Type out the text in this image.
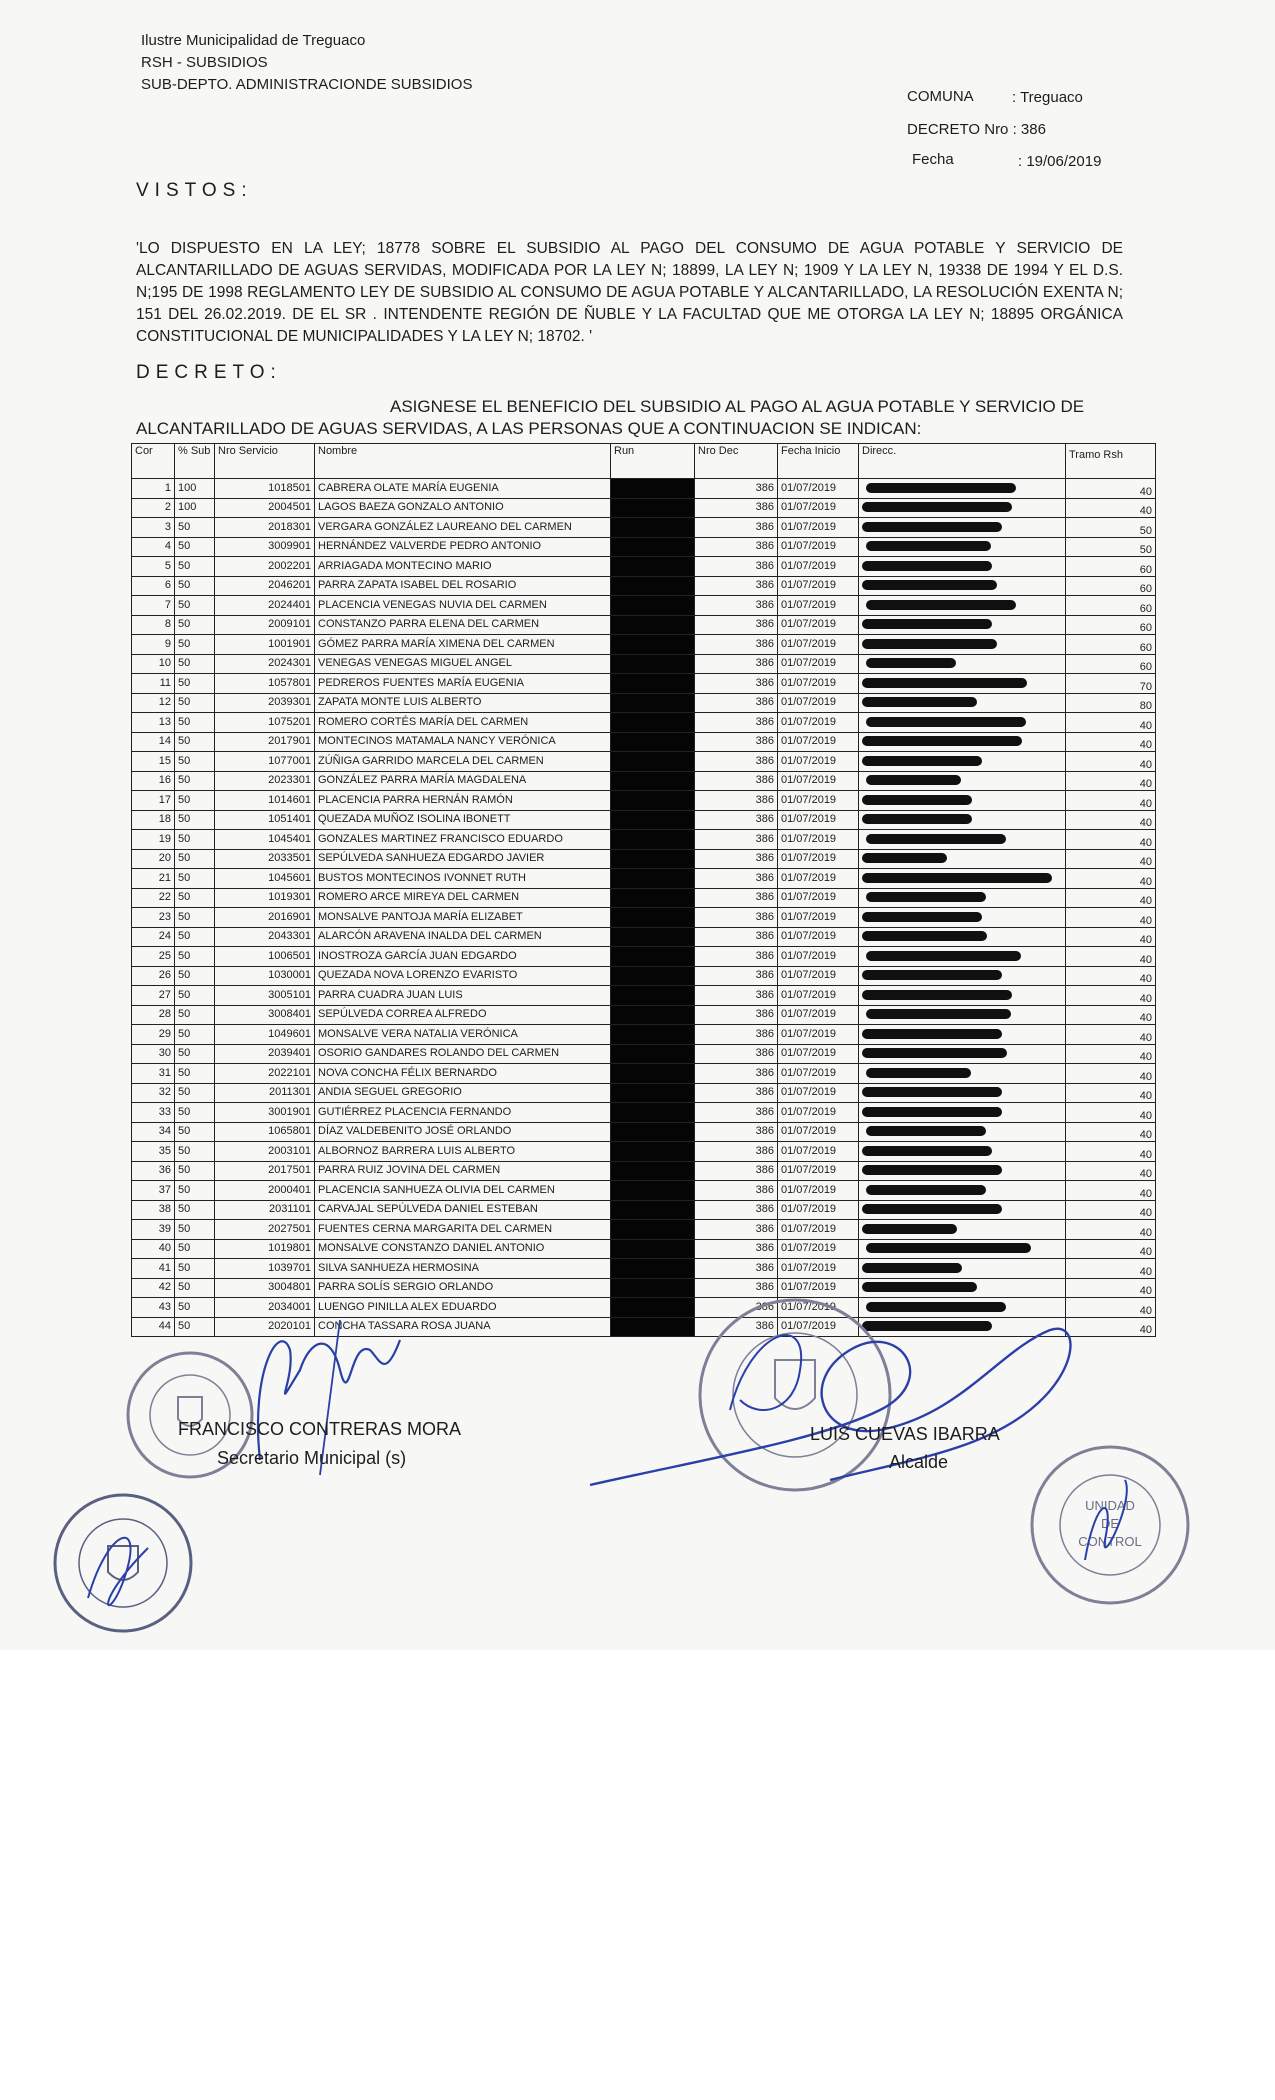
Ilustre Municipalidad de Treguaco
RSH - SUBSIDIOS
SUB-DEPTO. ADMINISTRACIONDE SUBSIDIOS
COMUNA	: Treguaco
DECRETO Nro : 386
Fecha	: 19/06/2019
VISTOS:
'LO DISPUESTO EN LA LEY; 18778 SOBRE EL SUBSIDIO AL PAGO DEL CONSUMO DE AGUA POTABLE Y SERVICIO DE ALCANTARILLADO DE AGUAS SERVIDAS, MODIFICADA POR LA LEY N; 18899, LA LEY N; 1909 Y LA LEY N, 19338 DE 1994 Y EL D.S. N;195 DE 1998 REGLAMENTO LEY DE SUBSIDIO AL CONSUMO DE AGUA POTABLE Y ALCANTARILLADO, LA RESOLUCIÓN EXENTA N; 151 DEL 26.02.2019. DE EL SR . INTENDENTE REGIÓN DE ÑUBLE Y LA FACULTAD QUE ME OTORGA LA LEY N; 18895 ORGÁNICA CONSTITUCIONAL DE MUNICIPALIDADES Y LA LEY N; 18702. '
DECRETO:
ASIGNESE EL BENEFICIO DEL SUBSIDIO AL PAGO AL AGUA POTABLE Y SERVICIO DE ALCANTARILLADO DE AGUAS SERVIDAS, A LAS PERSONAS QUE A CONTINUACION SE INDICAN:
Cor	% Sub	Nro Servicio	Nombre	Run	Nro Dec	Fecha Inicio	Direcc.	Tramo Rsh
1	100	1018501	CABRERA OLATE MARÍA EUGENIA		386	01/07/2019		40
2	100	2004501	LAGOS BAEZA GONZALO ANTONIO		386	01/07/2019		40
3	50	2018301	VERGARA GONZÁLEZ LAUREANO DEL CARMEN		386	01/07/2019		50
4	50	3009901	HERNÁNDEZ VALVERDE PEDRO ANTONIO		386	01/07/2019		50
5	50	2002201	ARRIAGADA MONTECINO MARIO		386	01/07/2019		60
6	50	2046201	PARRA ZAPATA ISABEL DEL ROSARIO		386	01/07/2019		60
7	50	2024401	PLACENCIA VENEGAS NUVIA DEL CARMEN		386	01/07/2019		60
8	50	2009101	CONSTANZO PARRA ELENA DEL CARMEN		386	01/07/2019		60
9	50	1001901	GÓMEZ PARRA MARÍA XIMENA DEL CARMEN		386	01/07/2019		60
10	50	2024301	VENEGAS VENEGAS MIGUEL ANGEL		386	01/07/2019		60
11	50	1057801	PEDREROS FUENTES MARÍA EUGENIA		386	01/07/2019		70
12	50	2039301	ZAPATA MONTE LUIS ALBERTO		386	01/07/2019		80
13	50	1075201	ROMERO CORTÉS MARÍA DEL CARMEN		386	01/07/2019		40
14	50	2017901	MONTECINOS MATAMALA NANCY VERÓNICA		386	01/07/2019		40
15	50	1077001	ZÚÑIGA GARRIDO MARCELA DEL CARMEN		386	01/07/2019		40
16	50	2023301	GONZÁLEZ PARRA MARÍA MAGDALENA		386	01/07/2019		40
17	50	1014601	PLACENCIA PARRA HERNÁN RAMÓN		386	01/07/2019		40
18	50	1051401	QUEZADA MUÑOZ ISOLINA IBONETT		386	01/07/2019		40
19	50	1045401	GONZALES MARTINEZ FRANCISCO EDUARDO		386	01/07/2019		40
20	50	2033501	SEPÚLVEDA SANHUEZA EDGARDO JAVIER		386	01/07/2019		40
21	50	1045601	BUSTOS MONTECINOS IVONNET RUTH		386	01/07/2019		40
22	50	1019301	ROMERO ARCE MIREYA DEL CARMEN		386	01/07/2019		40
23	50	2016901	MONSALVE PANTOJA MARÍA ELIZABET		386	01/07/2019		40
24	50	2043301	ALARCÓN ARAVENA INALDA DEL CARMEN		386	01/07/2019		40
25	50	1006501	INOSTROZA GARCÍA JUAN EDGARDO		386	01/07/2019		40
26	50	1030001	QUEZADA NOVA LORENZO EVARISTO		386	01/07/2019		40
27	50	3005101	PARRA CUADRA JUAN LUIS		386	01/07/2019		40
28	50	3008401	SEPÚLVEDA CORREA ALFREDO		386	01/07/2019		40
29	50	1049601	MONSALVE VERA NATALIA VERÓNICA		386	01/07/2019		40
30	50	2039401	OSORIO GANDARES ROLANDO DEL CARMEN		386	01/07/2019		40
31	50	2022101	NOVA CONCHA FÉLIX BERNARDO		386	01/07/2019		40
32	50	2011301	ANDIA SEGUEL GREGORIO		386	01/07/2019		40
33	50	3001901	GUTIÉRREZ PLACENCIA FERNANDO		386	01/07/2019		40
34	50	1065801	DÍAZ VALDEBENITO JOSÉ ORLANDO		386	01/07/2019		40
35	50	2003101	ALBORNOZ BARRERA LUIS ALBERTO		386	01/07/2019		40
36	50	2017501	PARRA RUIZ JOVINA DEL CARMEN		386	01/07/2019		40
37	50	2000401	PLACENCIA SANHUEZA OLIVIA DEL CARMEN		386	01/07/2019		40
38	50	2031101	CARVAJAL SEPÚLVEDA DANIEL ESTEBAN		386	01/07/2019		40
39	50	2027501	FUENTES CERNA MARGARITA DEL CARMEN		386	01/07/2019		40
40	50	1019801	MONSALVE CONSTANZO DANIEL ANTONIO		386	01/07/2019		40
41	50	1039701	SILVA SANHUEZA HERMOSINA		386	01/07/2019		40
42	50	3004801	PARRA SOLÍS SERGIO ORLANDO		386	01/07/2019		40
43	50	2034001	LUENGO PINILLA ALEX EDUARDO		386	01/07/2019		40
44	50	2020101	CONCHA TASSARA ROSA JUANA		386	01/07/2019		40
FRANCISCO CONTRERAS MORA
Secretario Municipal (s)
LUIS CUEVAS IBARRA
Alcalde
UNIDAD
DE
CONTROL
